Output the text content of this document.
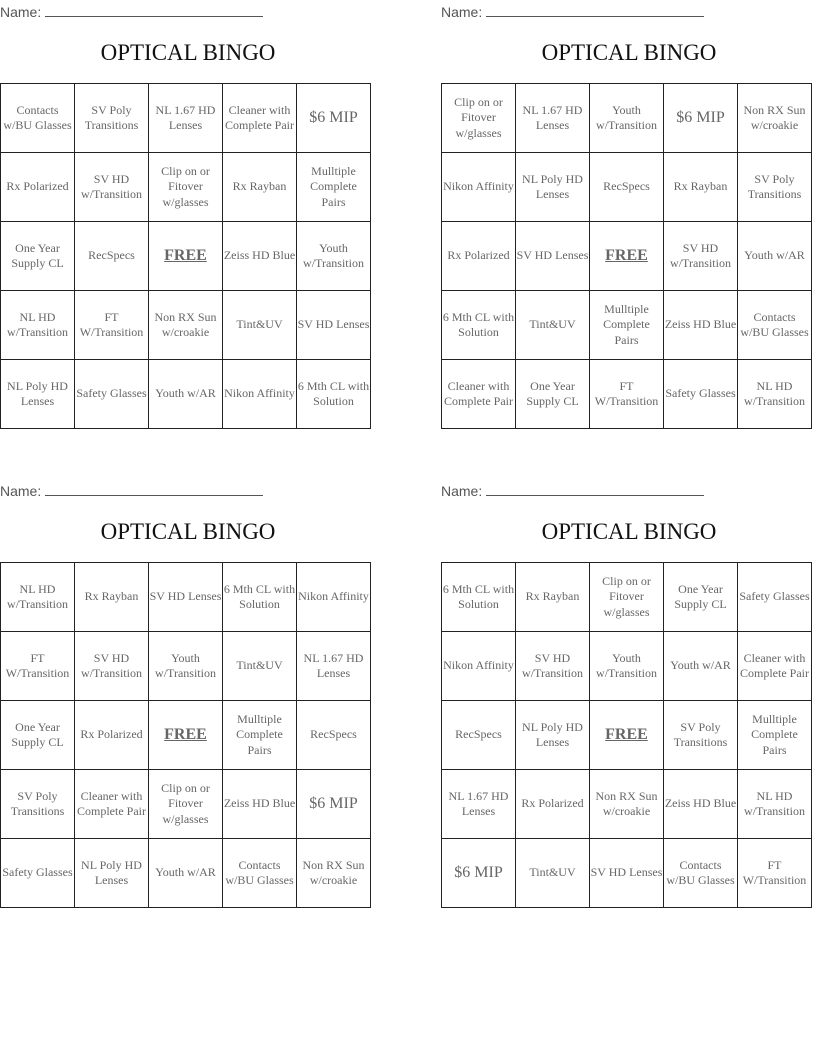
Name:
OPTICAL BINGO
Contacts w/BU Glasses	SV Poly Transitions	NL 1.67 HD Lenses	Cleaner with Complete Pair	$6 MIP
Rx Polarized	SV HD w/Transition	Clip on or Fitover w/glasses	Rx Rayban	Mulltiple Complete Pairs
One Year Supply CL	RecSpecs	FREE	Zeiss HD Blue	Youth w/Transition
NL HD w/Transition	FT W/Transition	Non RX Sun w/croakie	Tint&UV	SV HD Lenses
NL Poly HD Lenses	Safety Glasses	Youth w/AR	Nikon Affinity	6 Mth CL with Solution
Name:
OPTICAL BINGO
Clip on or Fitover w/glasses	NL 1.67 HD Lenses	Youth w/Transition	$6 MIP	Non RX Sun w/croakie
Nikon Affinity	NL Poly HD Lenses	RecSpecs	Rx Rayban	SV Poly Transitions
Rx Polarized	SV HD Lenses	FREE	SV HD w/Transition	Youth w/AR
6 Mth CL with Solution	Tint&UV	Mulltiple Complete Pairs	Zeiss HD Blue	Contacts w/BU Glasses
Cleaner with Complete Pair	One Year Supply CL	FT W/Transition	Safety Glasses	NL HD w/Transition
Name:
OPTICAL BINGO
NL HD w/Transition	Rx Rayban	SV HD Lenses	6 Mth CL with Solution	Nikon Affinity
FT W/Transition	SV HD w/Transition	Youth w/Transition	Tint&UV	NL 1.67 HD Lenses
One Year Supply CL	Rx Polarized	FREE	Mulltiple Complete Pairs	RecSpecs
SV Poly Transitions	Cleaner with Complete Pair	Clip on or Fitover w/glasses	Zeiss HD Blue	$6 MIP
Safety Glasses	NL Poly HD Lenses	Youth w/AR	Contacts w/BU Glasses	Non RX Sun w/croakie
Name:
OPTICAL BINGO
6 Mth CL with Solution	Rx Rayban	Clip on or Fitover w/glasses	One Year Supply CL	Safety Glasses
Nikon Affinity	SV HD w/Transition	Youth w/Transition	Youth w/AR	Cleaner with Complete Pair
RecSpecs	NL Poly HD Lenses	FREE	SV Poly Transitions	Mulltiple Complete Pairs
NL 1.67 HD Lenses	Rx Polarized	Non RX Sun w/croakie	Zeiss HD Blue	NL HD w/Transition
$6 MIP	Tint&UV	SV HD Lenses	Contacts w/BU Glasses	FT W/Transition
